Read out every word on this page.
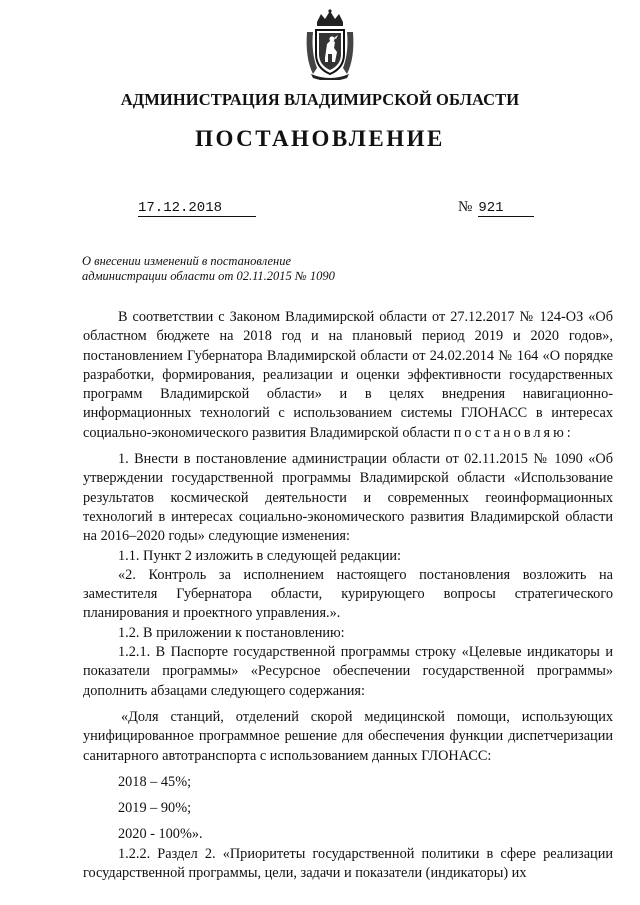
АДМИНИСТРАЦИЯ ВЛАДИМИРСКОЙ ОБЛАСТИ
ПОСТАНОВЛЕНИЕ
17.12.2018	№ 921
О внесении изменений в постановление
администрации области от 02.11.2015 № 1090

В соответствии с Законом Владимирской области от 27.12.2017 № 124-ОЗ «Об областном бюджете на 2018 год и на плановый период 2019 и 2020 годов», постановлением Губернатора Владимирской области от 24.02.2014 № 164 «О порядке разработки, формирования, реализации и оценки эффективности государственных программ Владимирской области» и в целях внедрения навигационно-информационных технологий с использованием системы ГЛОНАСС в интересах социально-экономического развития Владимирской области постановляю:

1. Внести в постановление администрации области от 02.11.2015 № 1090 «Об утверждении государственной программы Владимирской области «Использование результатов космической деятельности и современных геоинформационных технологий в интересах социально-экономического развития Владимирской области на 2016–2020 годы» следующие изменения:

1.1. Пункт 2 изложить в следующей редакции:

«2. Контроль за исполнением настоящего постановления возложить на заместителя Губернатора области, курирующего вопросы стратегического планирования и проектного управления.».

1.2. В приложении к постановлению:

1.2.1. В Паспорте государственной программы строку «Целевые индикаторы и показатели программы» «Ресурсное обеспечении государственной программы» дополнить абзацами следующего содержания:

«Доля станций, отделений скорой медицинской помощи, использующих унифицированное программное решение для обеспечения функции диспетчеризации санитарного автотранспорта с использованием данных ГЛОНАСС:

2018 – 45%;

2019 – 90%;

2020 - 100%».

1.2.2. Раздел 2. «Приоритеты государственной политики в сфере реализации государственной программы, цели, задачи и показатели (индикаторы) их
